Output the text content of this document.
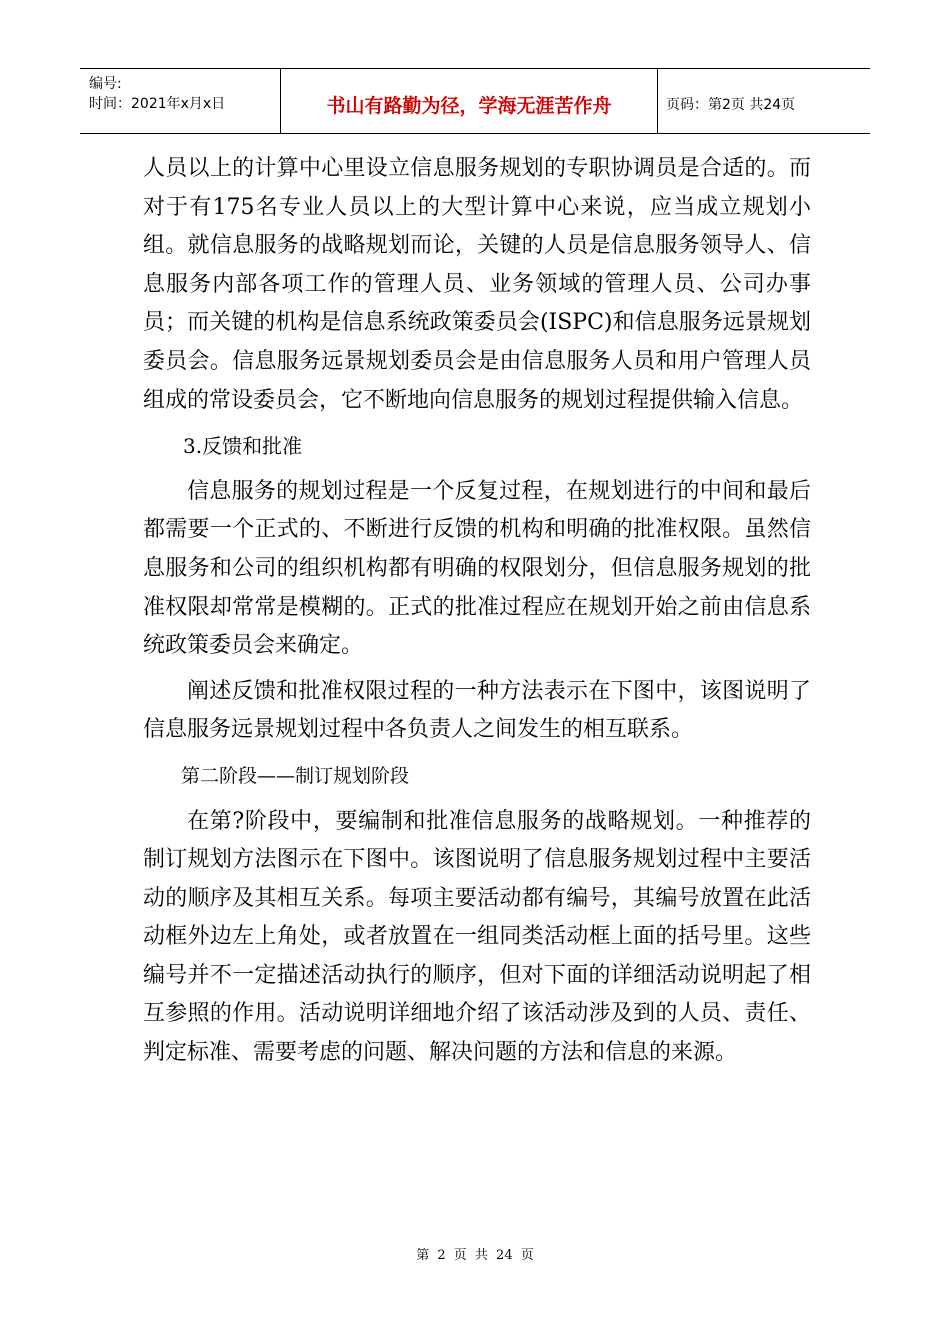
编号:
时间：2021年x月x日	书山有路勤为径，学海无涯苦作舟	页码：第2页 共24页

人员以上的计算中心里设立信息服务规划的专职协调员是合适的。而对于有175名专业人员以上的大型计算中心来说，应当成立规划小组。就信息服务的战略规划而论，关键的人员是信息服务领导人、信息服务内部各项工作的管理人员、业务领域的管理人员、公司办事员；而关键的机构是信息系统政策委员会(ISPC)和信息服务远景规划委员会。信息服务远景规划委员会是由信息服务人员和用户管理人员组成的常设委员会，它不断地向信息服务的规划过程提供输入信息。

3.反馈和批准

信息服务的规划过程是一个反复过程，在规划进行的中间和最后都需要一个正式的、不断进行反馈的机构和明确的批准权限。虽然信息服务和公司的组织机构都有明确的权限划分，但信息服务规划的批准权限却常常是模糊的。正式的批准过程应在规划开始之前由信息系统政策委员会来确定。

阐述反馈和批准权限过程的一种方法表示在下图中，该图说明了信息服务远景规划过程中各负责人之间发生的相互联系。

第二阶段——制订规划阶段

在第?阶段中，要编制和批准信息服务的战略规划。一种推荐的制订规划方法图示在下图中。该图说明了信息服务规划过程中主要活动的顺序及其相互关系。每项主要活动都有编号，其编号放置在此活动框外边左上角处，或者放置在一组同类活动框上面的括号里。这些编号并不一定描述活动执行的顺序，但对下面的详细活动说明起了相互参照的作用。活动说明详细地介绍了该活动涉及到的人员、责任、判定标准、需要考虑的问题、解决问题的方法和信息的来源。

第 2 页 共 24 页
